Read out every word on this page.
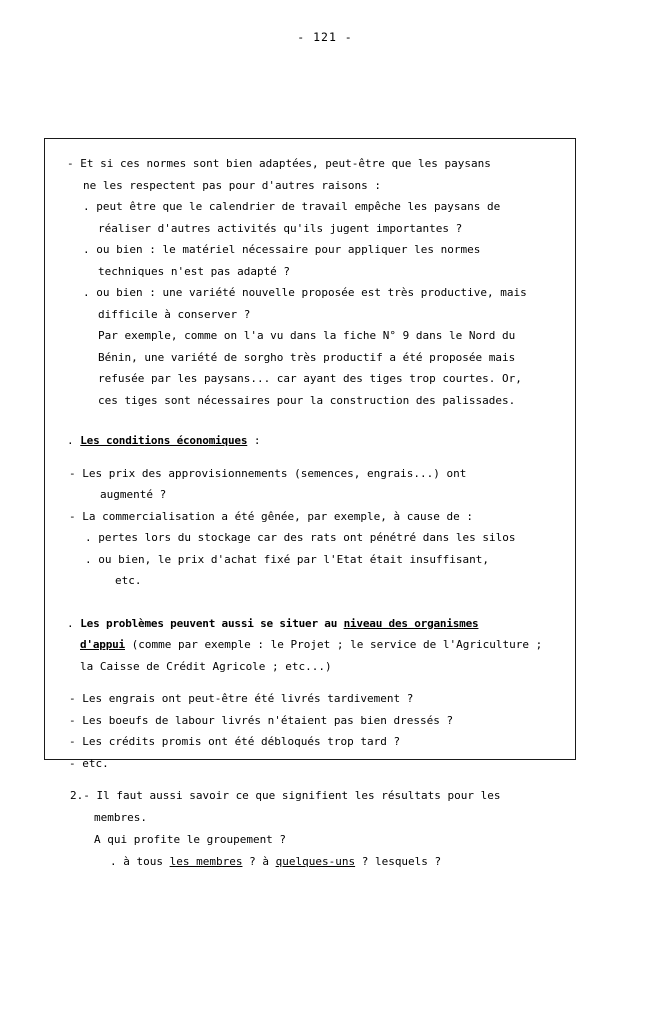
- 121 -

- Et si ces normes sont bien adaptées, peut-être que les paysans

ne les respectent pas pour d'autres raisons :

. peut être que le calendrier de travail empêche les paysans de

réaliser d'autres activités qu'ils jugent importantes ?

. ou bien : le matériel nécessaire pour appliquer les normes

techniques n'est pas adapté ?

. ou bien : une variété nouvelle proposée est très productive, mais

difficile à conserver ?

Par exemple, comme on l'a vu dans la fiche N° 9 dans le Nord du

Bénin, une variété de sorgho très productif a été proposée mais

refusée par les paysans... car ayant des tiges trop courtes. Or,

ces tiges sont nécessaires pour la construction des palissades.

. Les conditions économiques :

- Les prix des approvisionnements (semences, engrais...) ont

augmenté ?

- La commercialisation a été gênée, par exemple, à cause de :

. pertes lors du stockage car des rats ont pénétré dans les silos

. ou bien, le prix d'achat fixé par l'Etat était insuffisant,

etc.

. Les problèmes peuvent aussi se situer au niveau des organismes

d'appui (comme par exemple : le Projet ; le service de l'Agriculture ;

la Caisse de Crédit Agricole ; etc...)

- Les engrais ont peut-être été livrés tardivement ?

- Les boeufs de labour livrés n'étaient pas bien dressés ?

- Les crédits promis ont été débloqués trop tard ?

- etc.

2.- Il faut aussi savoir ce que signifient les résultats pour les

membres.

A qui profite le groupement ?

. à tous les membres ? à quelques-uns ? lesquels ?
